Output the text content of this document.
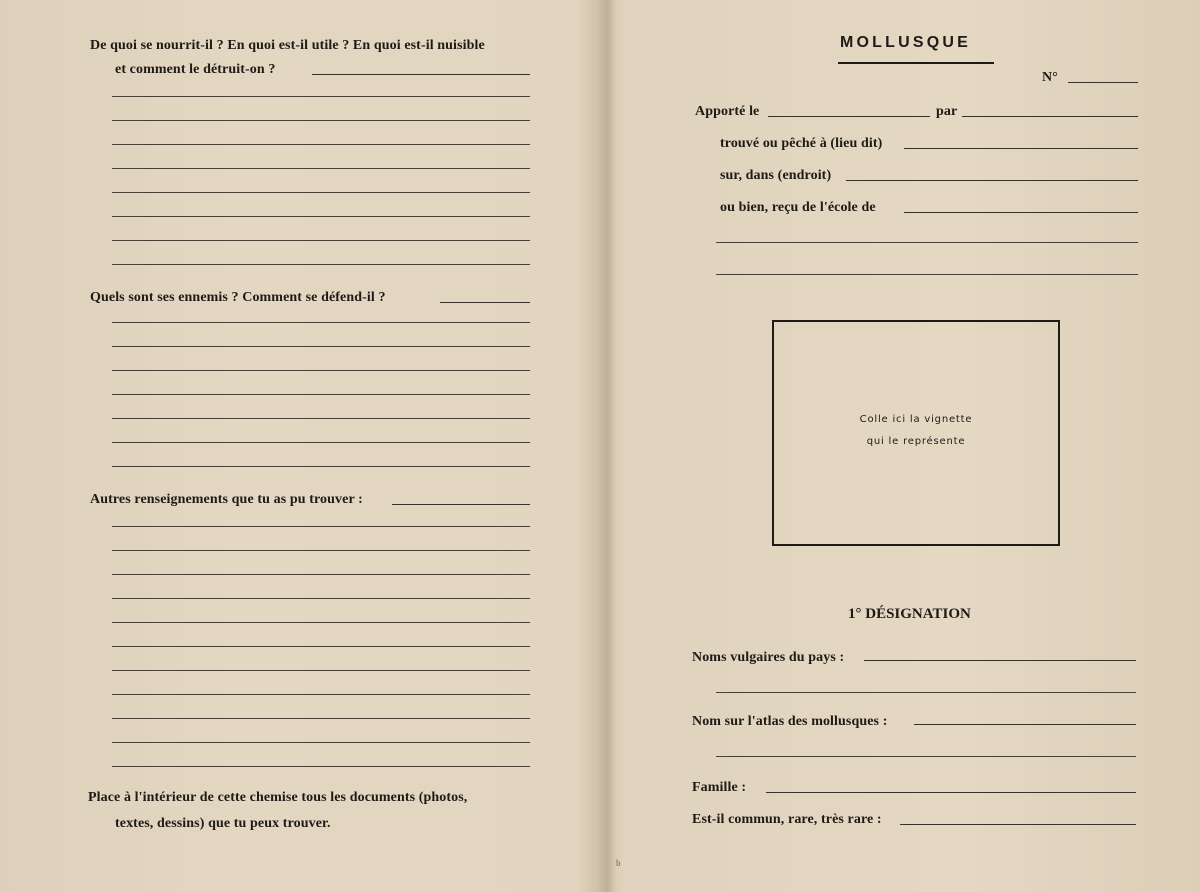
b
De quoi se nourrit-il ? En quoi est-il utile ? En quoi est-il nuisible
et comment le détruit-on ?
Quels sont ses ennemis ? Comment se défend-il ?
Autres renseignements que tu as pu trouver :
Place à l'intérieur de cette chemise tous les documents (photos,
textes, dessins) que tu peux trouver.
MOLLUSQUE
N°
Apporté le	par
trouvé ou pêché à (lieu dit)
sur, dans (endroit)
ou bien, reçu de l'école de
Colle ici la vignette
qui le représente
1° DÉSIGNATION
Noms vulgaires du pays :
Nom sur l'atlas des mollusques :
Famille :
Est-il commun, rare, très rare :
